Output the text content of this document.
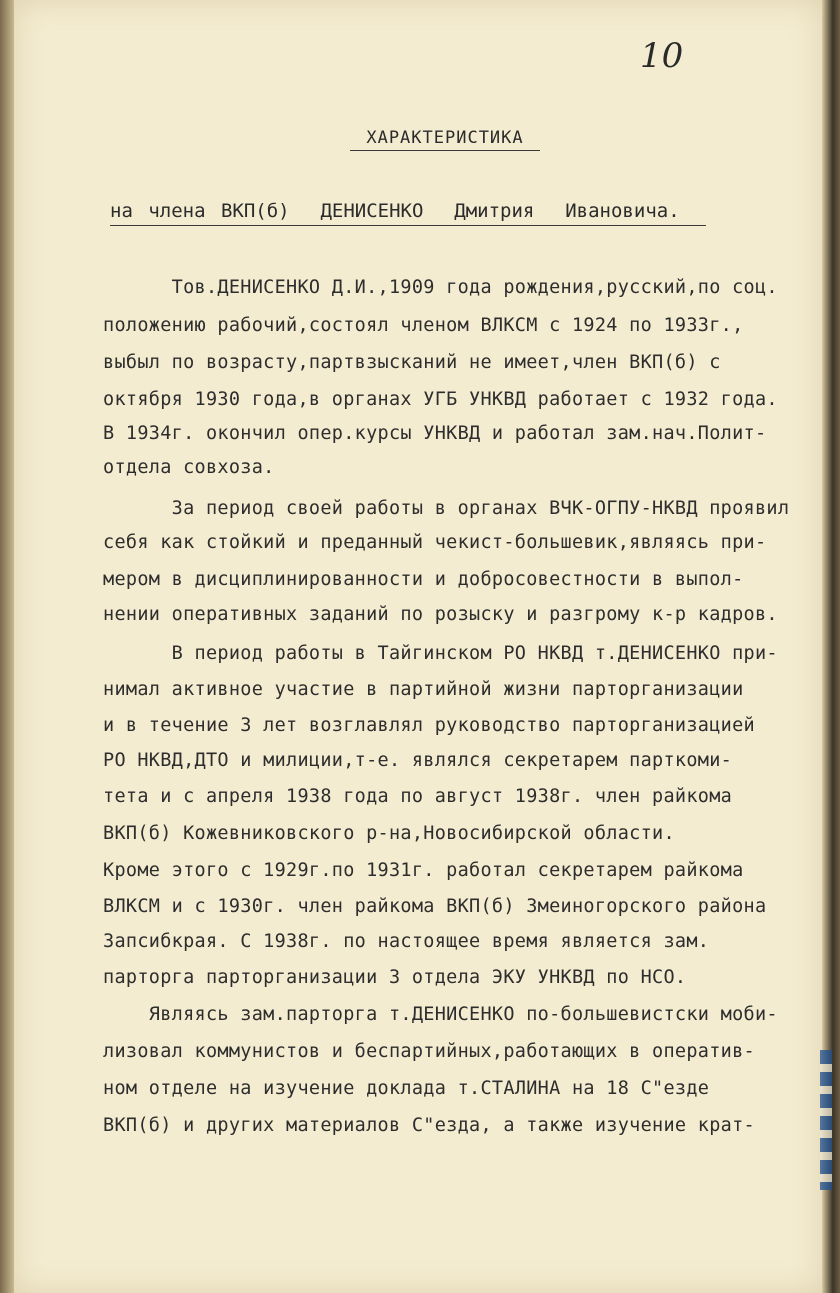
10
ХАРАКТЕРИСТИКА
на члена ВКП(б)  ДЕНИСЕНКО  Дмитрия  Ивановича.
Тов.ДЕНИСЕНКО Д.И.,1909 года рождения,русский,по соц.
положению рабочий,состоял членом ВЛКСМ с 1924 по 1933г.,
выбыл по возрасту,партвзысканий не имеет,член ВКП(б) с
октября 1930 года,в органах УГБ УНКВД работает с 1932 года.
В 1934г. окончил опер.курсы УНКВД и работал зам.нач.Полит-
отдела совхоза.
За период своей работы в органах ВЧК-ОГПУ-НКВД проявил
себя как стойкий и преданный чекист-большевик,являясь при-
мером в дисциплинированности и добросовестности в выпол-
нении оперативных заданий по розыску и разгрому к-р кадров.
В период работы в Тайгинском РО НКВД т.ДЕНИСЕНКО при-
нимал активное участие в партийной жизни парторганизации
и в течение 3 лет возглавлял руководство парторганизацией
РО НКВД,ДТО и милиции,т-е. являлся секретарем парткоми-
тета и с апреля 1938 года по август 1938г. член райкома
ВКП(б) Кожевниковского р-на,Новосибирской области.
Кроме этого с 1929г.по 1931г. работал секретарем райкома
ВЛКСМ и с 1930г. член райкома ВКП(б) Змеиногорского района
Запсибкрая. С 1938г. по настоящее время является зам.
парторга парторганизации 3 отдела ЭКУ УНКВД по НСО.
Являясь зам.парторга т.ДЕНИСЕНКО по-большевистски моби-
лизовал коммунистов и беспартийных,работающих в оператив-
ном отделе на изучение доклада т.СТАЛИНА на 18 С"езде
ВКП(б) и других материалов С"езда, а также изучение крат-
